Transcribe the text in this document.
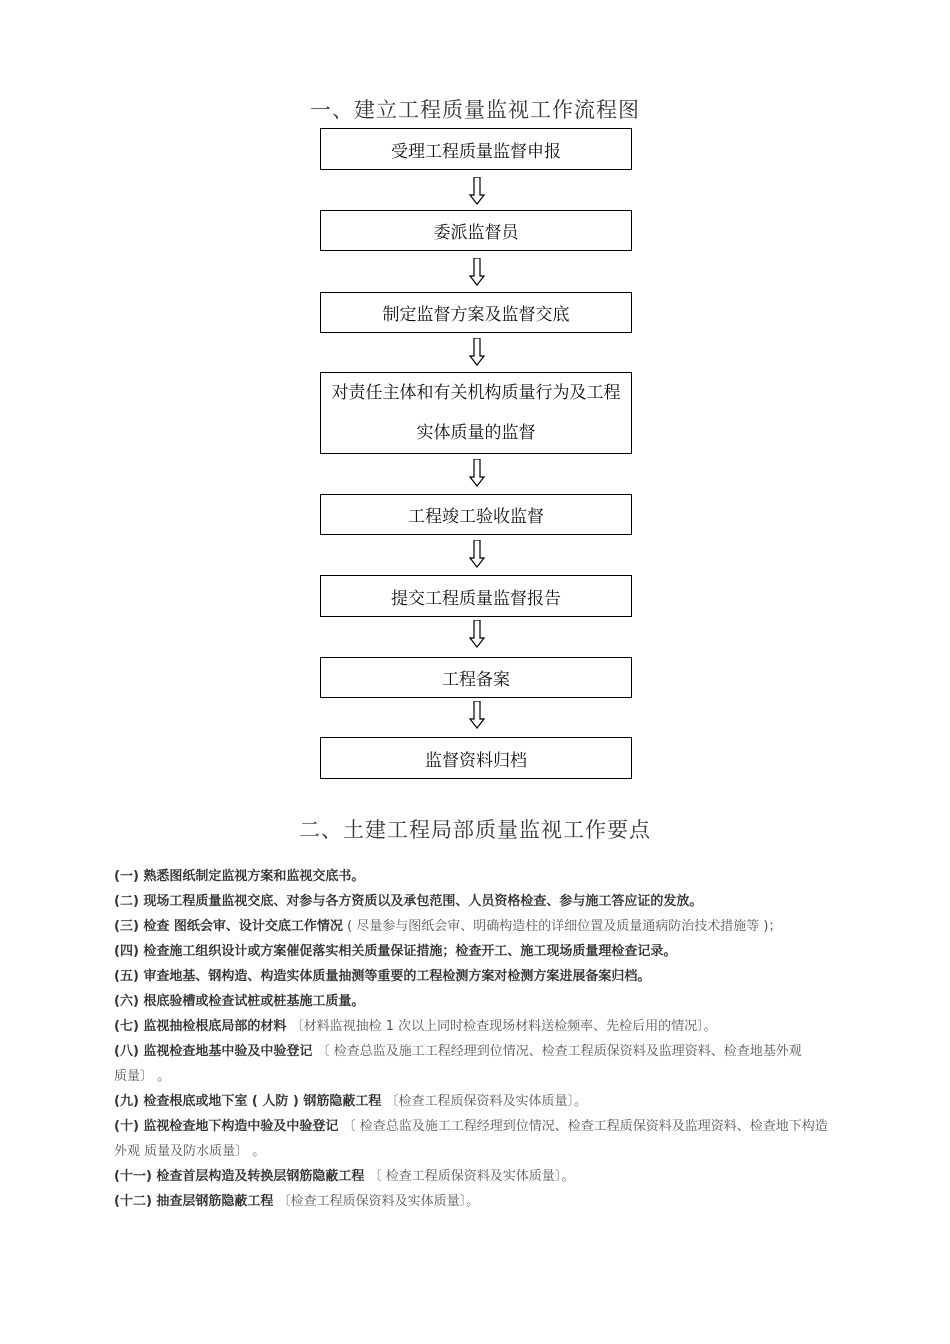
一、建立工程质量监视工作流程图
受理工程质量监督申报
委派监督员
制定监督方案及监督交底
对责任主体和有关机构质量行为及工程实体质量的监督
工程竣工验收监督
提交工程质量监督报告
工程备案
监督资料归档
二、土建工程局部质量监视工作要点

(一) 熟悉图纸制定监视方案和监视交底书。

(二) 现场工程质量监视交底、对参与各方资质以及承包范围、人员资格检查、参与施工答应证的发放。

(三) 检查 图纸会审、设计交底工作情况 ( 尽量参与图纸会审、明确构造柱的详细位置及质量通病防治技术措施等 )；

(四) 检查施工组织设计或方案催促落实相关质量保证措施；检查开工、施工现场质量理检查记录。

(五) 审查地基、钢构造、构造实体质量抽测等重要的工程检测方案对检测方案进展备案归档。

(六) 根底验槽或检查试桩或桩基施工质量。

(七) 监视抽检根底局部的材料 〔材料监视抽检 1 次以上同时检查现场材料送检频率、先检后用的情况〕。

(八) 监视检查地基中验及中验登记 〔 检查总监及施工工程经理到位情况、检查工程质保资料及监理资料、检查地基外观
质量〕 。

(九) 检查根底或地下室 ( 人防 ) 钢筋隐蔽工程 〔检查工程质保资料及实体质量〕。

(十) 监视检查地下构造中验及中验登记 〔 检查总监及施工工程经理到位情况、检查工程质保资料及监理资料、检查地下构造外观 质量及防水质量〕 。

(十一) 检查首层构造及转换层钢筋隐蔽工程 〔 检查工程质保资料及实体质量〕。

(十二) 抽查层钢筋隐蔽工程 〔检查工程质保资料及实体质量〕。
